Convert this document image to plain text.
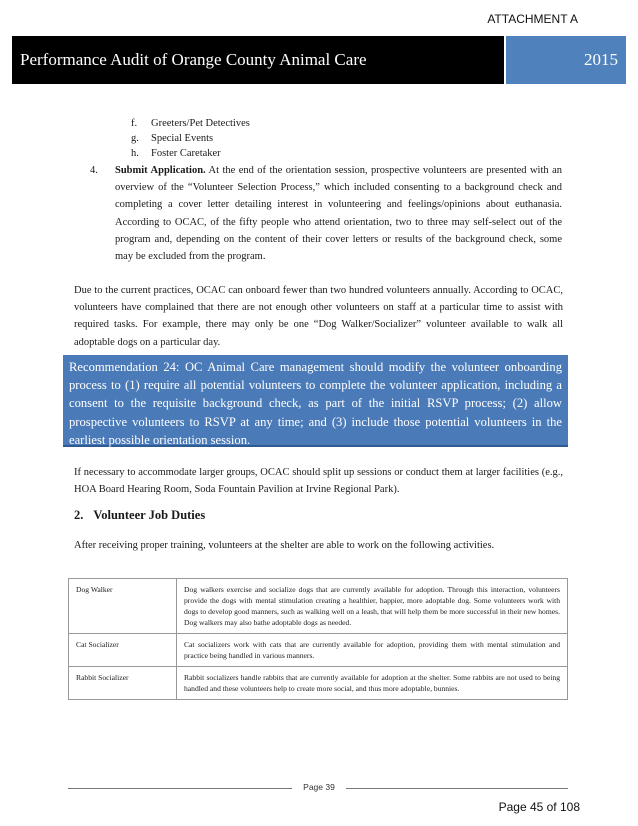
ATTACHMENT A
Performance Audit of Orange County Animal Care	2015
f. Greeters/Pet Detectives
g. Special Events
h. Foster Caretaker
4. Submit Application. At the end of the orientation session, prospective volunteers are presented with an overview of the “Volunteer Selection Process,” which included consenting to a background check and completing a cover letter detailing interest in volunteering and feelings/opinions about euthanasia. According to OCAC, of the fifty people who attend orientation, two to three may self-select out of the program and, depending on the content of their cover letters or results of the background check, some may be excluded from the program.
Due to the current practices, OCAC can onboard fewer than two hundred volunteers annually. According to OCAC, volunteers have complained that there are not enough other volunteers on staff at a particular time to assist with required tasks. For example, there may only be one “Dog Walker/Socializer” volunteer available to walk all adoptable dogs on a particular day.
Recommendation 24: OC Animal Care management should modify the volunteer onboarding process to (1) require all potential volunteers to complete the volunteer application, including a consent to the requisite background check, as part of the initial RSVP process; (2) allow prospective volunteers to RSVP at any time; and (3) include those potential volunteers in the earliest possible orientation session.
If necessary to accommodate larger groups, OCAC should split up sessions or conduct them at larger facilities (e.g., HOA Board Hearing Room, Soda Fountain Pavilion at Irvine Regional Park).
2. Volunteer Job Duties
After receiving proper training, volunteers at the shelter are able to work on the following activities.
Dog Walker	Dog walkers exercise and socialize dogs that are currently available for adoption. Through this interaction, volunteers provide the dogs with mental stimulation creating a healthier, happier, more adoptable dog. Some volunteers work with dogs to develop good manners, such as walking well on a leash, that will help them be more successful in their new homes. Dog walkers may also bathe adoptable dogs as needed.
Cat Socializer	Cat socializers work with cats that are currently available for adoption, providing them with mental stimulation and practice being handled in various manners.
Rabbit Socializer	Rabbit socializers handle rabbits that are currently available for adoption at the shelter. Some rabbits are not used to being handled and these volunteers help to create more social, and thus more adoptable, bunnies.
Page 39
Page 45 of 108
